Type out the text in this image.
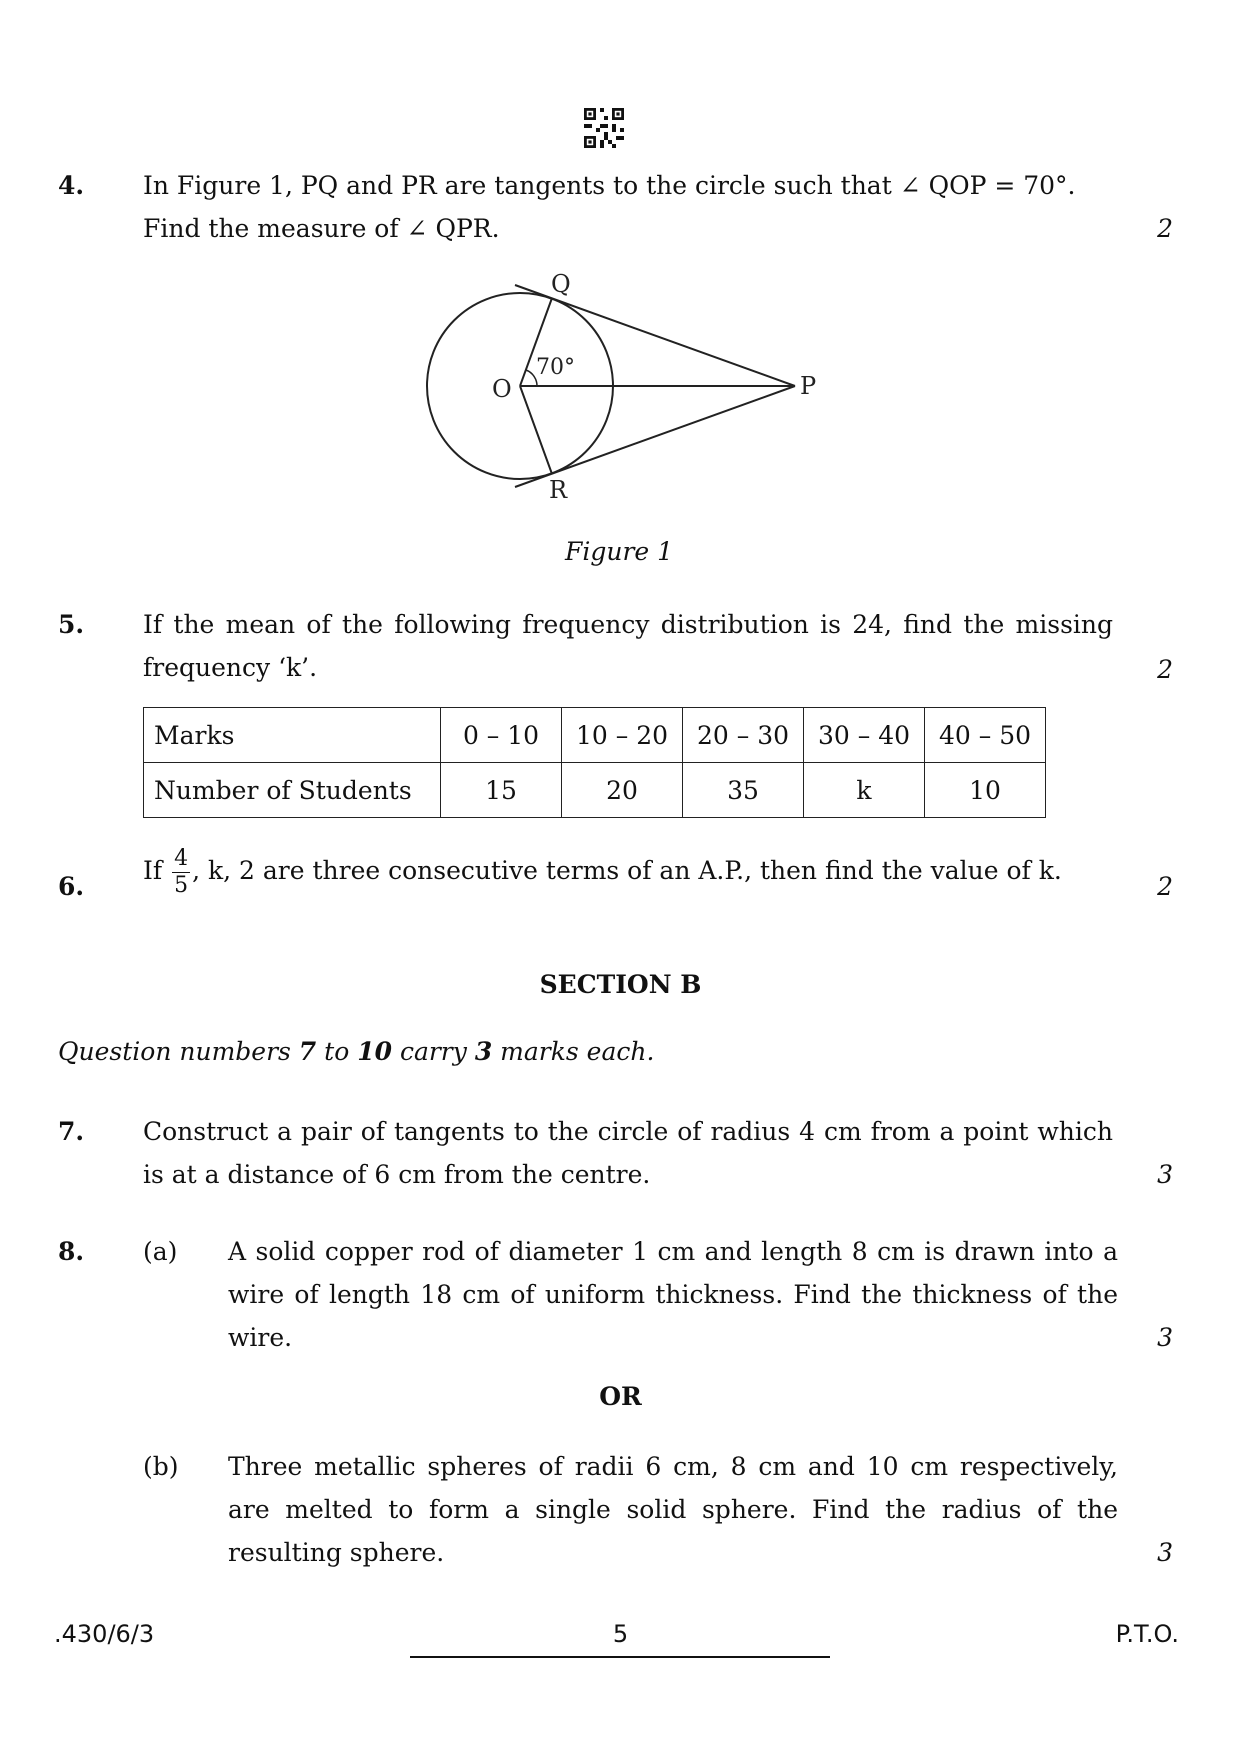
4. In Figure 1, PQ and PR are tangents to the circle such that ∠ QOP = 70°.
Find the measure of ∠ QPR.	2
Q
O	P
R
70°
Figure 1
5. If the mean of the following frequency distribution is 24, find the missing frequency ‘k’.	2
Marks	0 – 10	10 – 20	20 – 30	30 – 40	40 – 50
Number of Students	15	20	35	k	10
6.
If $\frac{4}{5}$ , k, 2 are three consecutive terms of an A.P., then find the value of k.
2
SECTION B
Question numbers 7 to 10 carry 3 marks each.
7. Construct a pair of tangents to the circle of radius 4 cm from a point which is at a distance of 6 cm from the centre.	3
8. (a) A solid copper rod of diameter 1 cm and length 8 cm is drawn into a wire of length 18 cm of uniform thickness. Find the thickness of the wire.	3
OR
(b) Three metallic spheres of radii 6 cm, 8 cm and 10 cm respectively, are melted to form a single solid sphere. Find the radius of the resulting sphere.	3
.430/6/3	5	P.T.O.
